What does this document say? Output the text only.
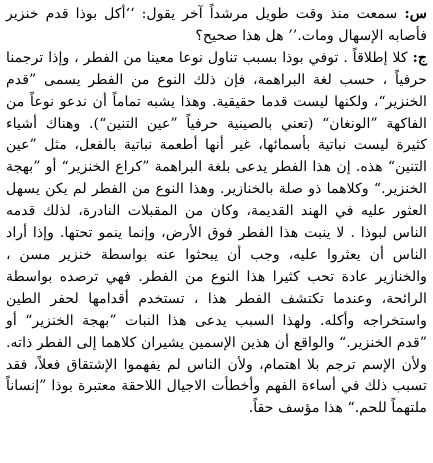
س: سمعت منذ وقت طويل مرشداً آخر يقول: ‘‘أكل بوذا قدم خنزير فأصابه الإسهال ومات.’’ هل هذا صحيح؟

ج: كلا إطلاقاً . توفي بوذا بسبب تناول نوعا معينا من الفطر ، وإذا ترجمنا حرفياً ، حسب لغة البراهمة، فإن ذلك النوع من الفطر يسمى ”قدم الخنزير“، ولكنها ليست قدما حقيقية. وهذا يشبه تماماً أن ندعو نوعاً من الفاكهة ”الونغان“ (تعني بالصينية حرفياً ”عين التنين“). وهناك أشياء كثيرة ليست نباتية بأسمائها، غير أنها أطعمة نباتية بالفعل، مثل ”عين التنين“ هذه. إن هذا الفطر يدعى بلغة البراهمة ”كراع الخنزير“ أو ”بهجة الخنزير.“ وكلاهما ذو صلة بالخنازير. وهذا النوع من الفطر لم يكن يسهل العثور عليه في الهند القديمة، وكان من المقبلات النادرة، لذلك قدمه الناس لبوذا . لا ينبت هذا الفطر فوق الأرض، وإنما ينمو تحتها. وإذا أراد الناس أن يعثروا عليه، وجب أن يبحثوا عنه بواسطة خنزير مسن ، والخنازير عادة تحب كثيرا هذا النوع من الفطر. فهي ترصده بواسطة الرائحة، وعندما تكتشف الفطر هذا ، تستخدم أقدامها لحفر الطين واستخراجه وأكله. ولهذا السبب يدعى هذا النبات ”بهجة الخنزير“ أو ”قدم الخنزير.“ والواقع أن هذين الإسمين يشيران كلاهما إلى الفطر ذاته. ولأن الإسم ترجم بلا اهتمام، ولأن الناس لم يفهموا الإشتقاق فعلاً، فقد تسبب ذلك في أساءة الفهم وأخطأت الاجيال اللاحقة معتبرة بوذا ”إنساناً ملتهماً للحم.“ هذا مؤسف حقاً.
